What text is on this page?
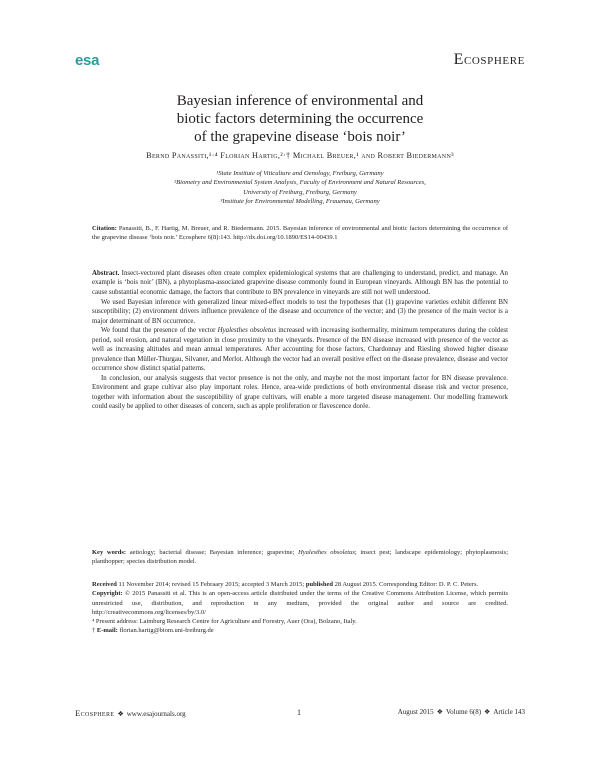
esa	Ecosphere
Bayesian inference of environmental and
biotic factors determining the occurrence
of the grapevine disease ‘bois noir’
Bernd Panassiti,¹·⁴ Florian Hartig,²·† Michael Breuer,¹ and Robert Biedermann³
¹State Institute of Viticulture and Oenology, Freiburg, Germany
²Biometry and Environmental System Analysis, Faculty of Environment and Natural Resources,
University of Freiburg, Freiburg, Germany
³Institute for Environmental Modelling, Frauenau, Germany
Citation: Panassiti, B., F. Hartig, M. Breuer, and R. Biedermann. 2015. Bayesian inference of environmental and biotic factors determining the occurrence of the grapevine disease ‘bois noir.’ Ecosphere 6(8):143. http://dx.doi.org/10.1890/ES14-00439.1

Abstract. Insect-vectored plant diseases often create complex epidemiological systems that are challenging to understand, predict, and manage. An example is ‘bois noir’ (BN), a phytoplasma-associated grapevine disease commonly found in European vineyards. Although BN has the potential to cause substantial economic damage, the factors that contribute to BN prevalence in vineyards are still not well understood.

We used Bayesian inference with generalized linear mixed-effect models to test the hypotheses that (1) grapevine varieties exhibit different BN susceptibility; (2) environment drivers influence prevalence of the disease and occurrence of the vector; and (3) the presence of the main vector is a major determinant of BN occurrence.

We found that the presence of the vector Hyalesthes obsoletus increased with increasing isothermality, minimum temperatures during the coldest period, soil erosion, and natural vegetation in close proximity to the vineyards. Presence of the BN disease increased with presence of the vector as well as increasing altitudes and mean annual temperatures. After accounting for those factors, Chardonnay and Riesling showed higher disease prevalence than Müller-Thurgau, Silvaner, and Merlot. Although the vector had an overall positive effect on the disease prevalence, disease and vector occurrence show distinct spatial patterns.

In conclusion, our analysis suggests that vector presence is not the only, and maybe not the most important factor for BN disease prevalence. Environment and grape cultivar also play important roles. Hence, area-wide predictions of both environmental disease risk and vector presence, together with information about the susceptibility of grape cultivars, will enable a more targeted disease management. Our modelling framework could easily be applied to other diseases of concern, such as apple proliferation or flavescence dorée.

Key words: aetiology; bacterial disease; Bayesian inference; grapevine; Hyalesthes obsoletus; insect pest; landscape epidemiology; phytoplasmosis; planthopper; species distribution model.
Received 11 November 2014; revised 15 Febraary 2015; accepted 3 March 2015; published 28 August 2015. Corresponding Editor: D. P. C. Peters.
Copyright: © 2015 Panassiti et al. This is an open-access article distributed under the terms of the Creative Commons Attribution License, which permits unrestricted use, distribution, and reproduction in any medium, provided the original author and source are credited. http://creativecommons.org/licenses/by/3.0/
⁴ Present address: Laimburg Research Centre for Agriculture and Forestry, Auer (Ora), Bolzano, Italy.
† E-mail: florian.hartig@biom.uni-freiburg.de
Ecosphere ❖ www.esajournals.org	1	August 2015 ❖ Volume 6(8) ❖ Article 143
